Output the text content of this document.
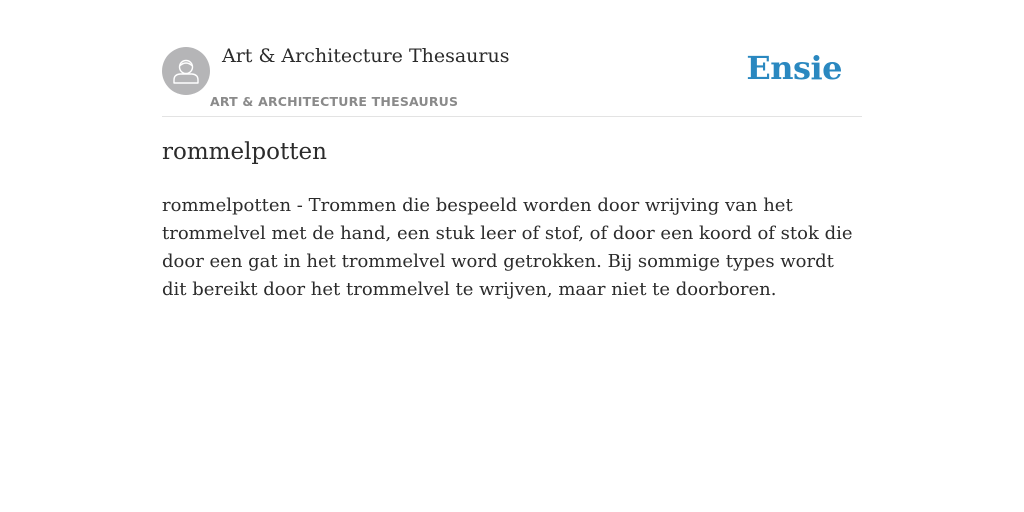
Art & Architecture Thesaurus
ART & ARCHITECTURE THESAURUS
Ensie
rommelpotten

rommelpotten - Trommen die bespeeld worden door wrijving van het trommelvel met de hand, een stuk leer of stof, of door een koord of stok die door een gat in het trommelvel word getrokken. Bij sommige types wordt dit bereikt door het trommelvel te wrijven, maar niet te doorboren.
